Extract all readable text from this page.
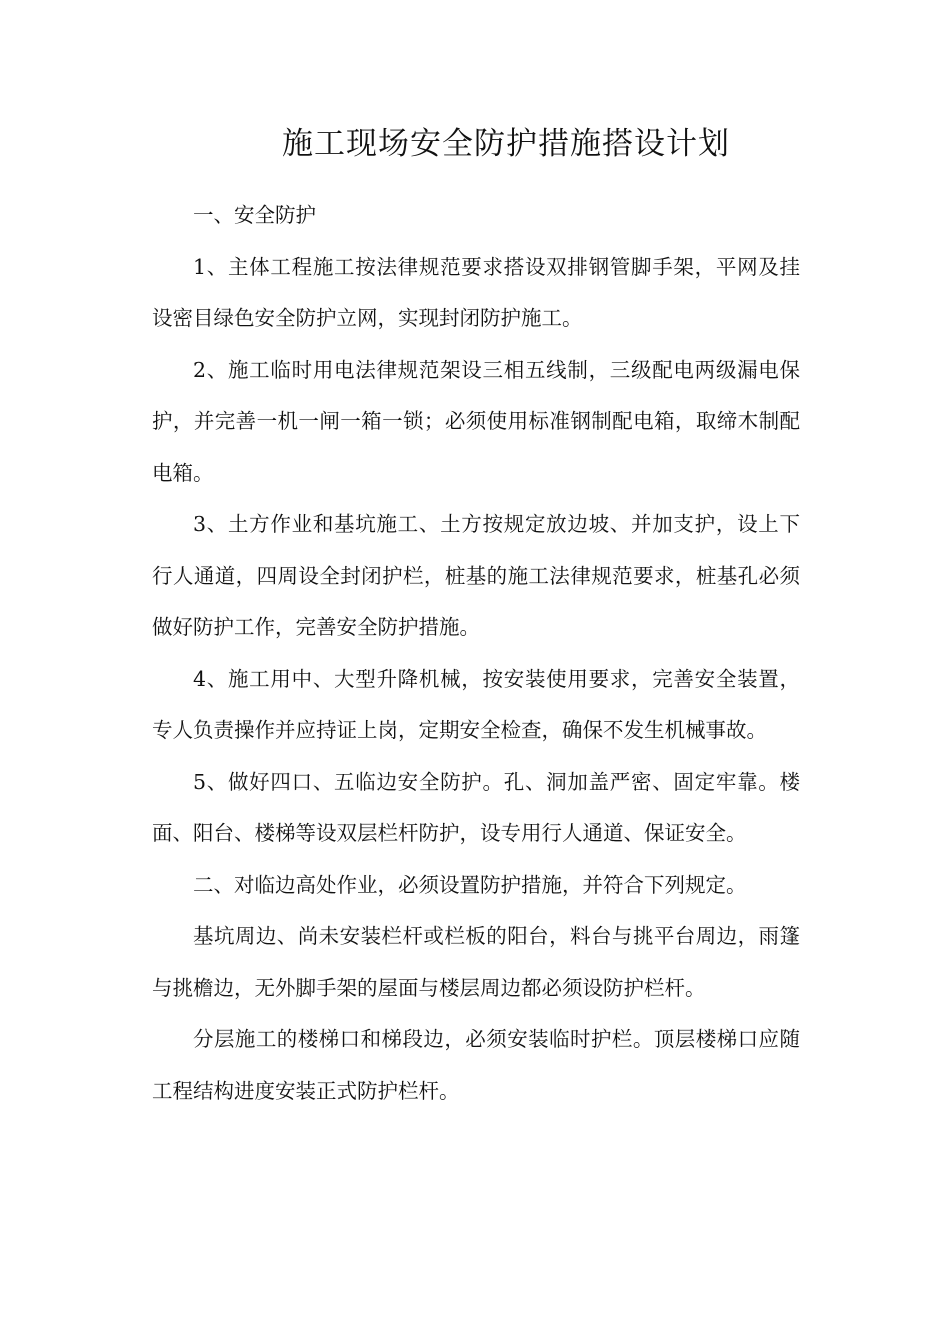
施工现场安全防护措施搭设计划

一、安全防护

1、主体工程施工按法律规范要求搭设双排钢管脚手架，平网及挂设密目绿色安全防护立网，实现封闭防护施工。

2、施工临时用电法律规范架设三相五线制，三级配电两级漏电保护，并完善一机一闸一箱一锁；必须使用标准钢制配电箱，取缔木制配电箱。

3、土方作业和基坑施工、土方按规定放边坡、并加支护，设上下行人通道，四周设全封闭护栏，桩基的施工法律规范要求，桩基孔必须做好防护工作，完善安全防护措施。

4、施工用中、大型升降机械，按安装使用要求，完善安全装置，专人负责操作并应持证上岗，定期安全检查，确保不发生机械事故。

5、做好四口、五临边安全防护。孔、洞加盖严密、固定牢靠。楼面、阳台、楼梯等设双层栏杆防护，设专用行人通道、保证安全。

二、对临边高处作业，必须设置防护措施，并符合下列规定。

基坑周边、尚未安装栏杆或栏板的阳台，料台与挑平台周边，雨篷与挑檐边，无外脚手架的屋面与楼层周边都必须设防护栏杆。

分层施工的楼梯口和梯段边，必须安装临时护栏。顶层楼梯口应随工程结构进度安装正式防护栏杆。
